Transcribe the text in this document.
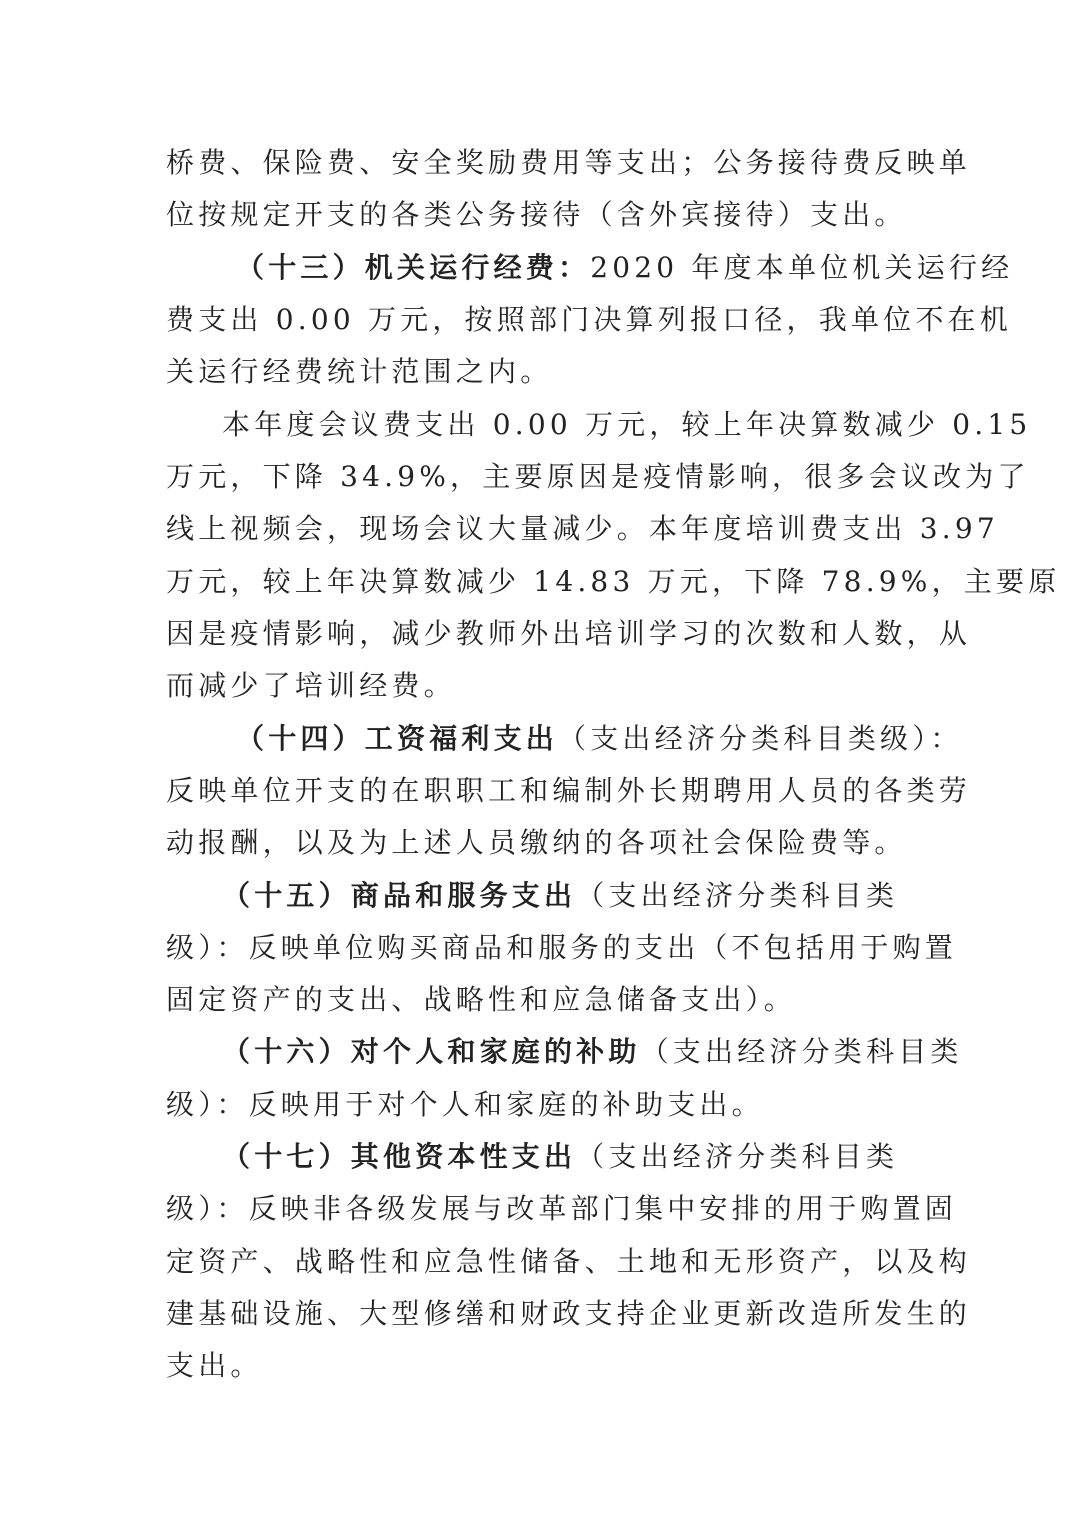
桥费、保险费、安全奖励费用等支出；公务接待费反映单
位按规定开支的各类公务接待（含外宾接待）支出。
（十三）机关运行经费：2020 年度本单位机关运行经
费支出 0.00 万元，按照部门决算列报口径，我单位不在机
关运行经费统计范围之内。
本年度会议费支出 0.00 万元，较上年决算数减少 0.15
万元，下降 34.9%，主要原因是疫情影响，很多会议改为了
线上视频会，现场会议大量减少。本年度培训费支出 3.97
万元，较上年决算数减少 14.83 万元，下降 78.9%，主要原
因是疫情影响，减少教师外出培训学习的次数和人数，从
而减少了培训经费。
（十四）工资福利支出（支出经济分类科目类级）：
反映单位开支的在职职工和编制外长期聘用人员的各类劳
动报酬，以及为上述人员缴纳的各项社会保险费等。
（十五）商品和服务支出（支出经济分类科目类
级）：反映单位购买商品和服务的支出（不包括用于购置
固定资产的支出、战略性和应急储备支出）。
（十六）对个人和家庭的补助（支出经济分类科目类
级）：反映用于对个人和家庭的补助支出。
（十七）其他资本性支出（支出经济分类科目类
级）：反映非各级发展与改革部门集中安排的用于购置固
定资产、战略性和应急性储备、土地和无形资产，以及构
建基础设施、大型修缮和财政支持企业更新改造所发生的
支出。
